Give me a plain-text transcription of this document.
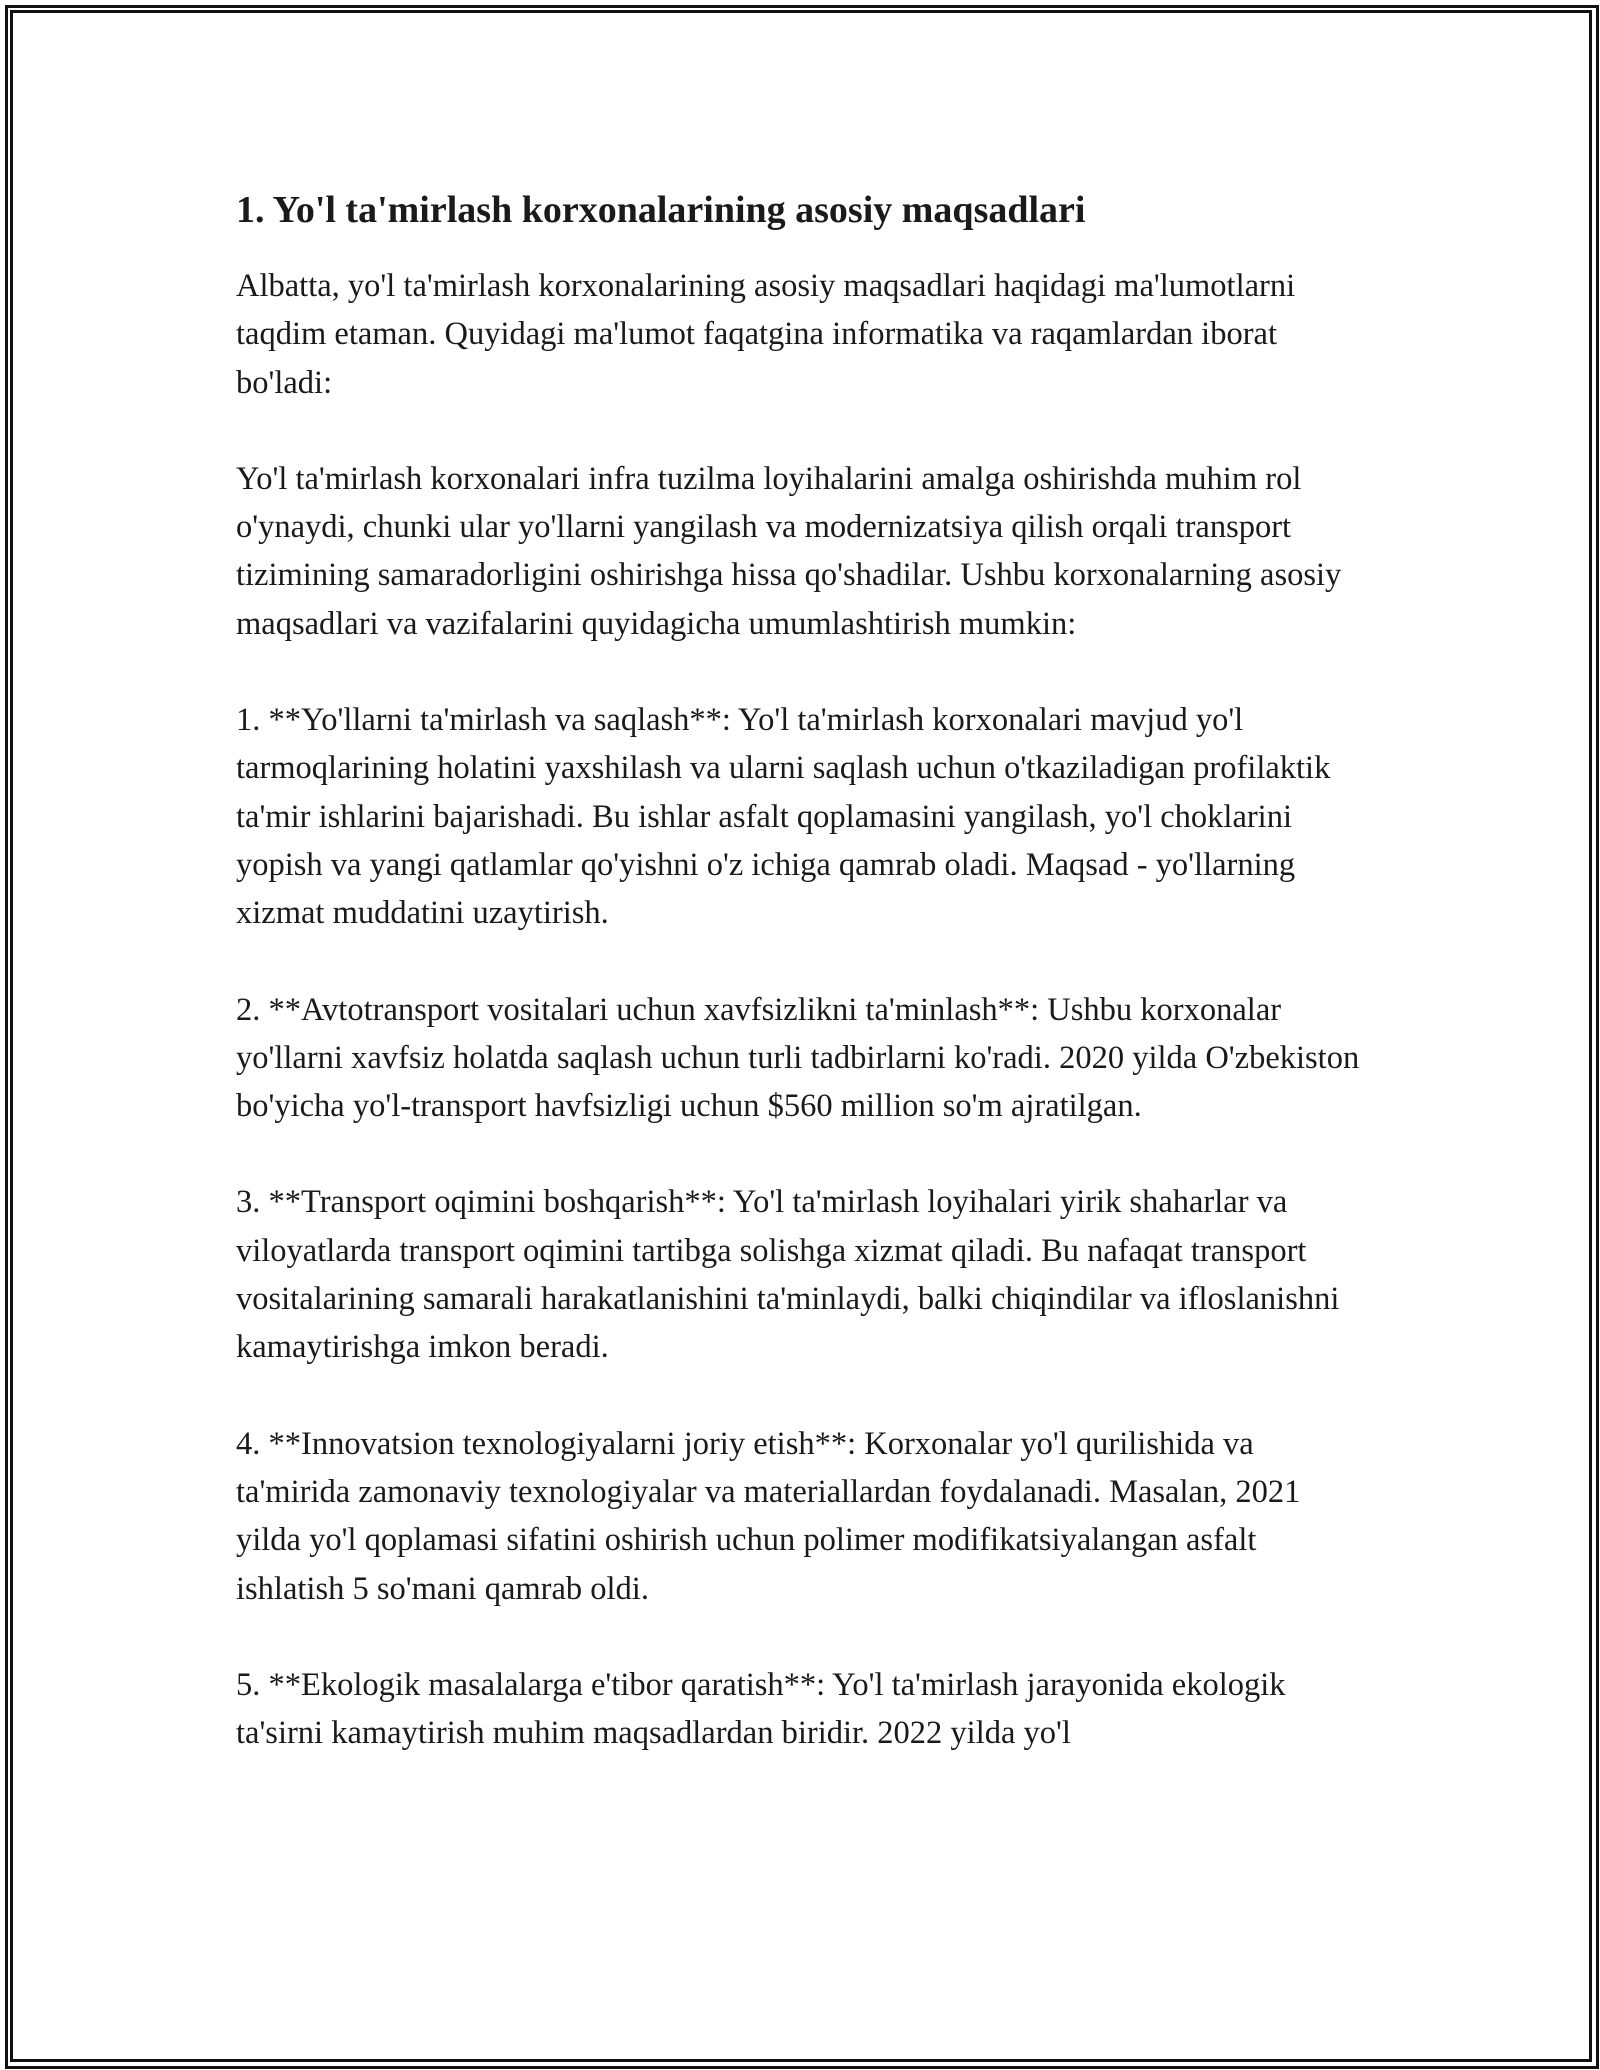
1. Yo'l ta'mirlash korxonalarining asosiy maqsadlari

Albatta, yo'l ta'mirlash korxonalarining asosiy maqsadlari haqidagi ma'lumotlarni taqdim etaman. Quyidagi ma'lumot faqatgina informatika va raqamlardan iborat bo'ladi:

Yo'l ta'mirlash korxonalari infra tuzilma loyihalarini amalga oshirishda muhim rol o'ynaydi, chunki ular yo'llarni yangilash va modernizatsiya qilish orqali transport tizimining samaradorligini oshirishga hissa qo'shadilar. Ushbu korxonalarning asosiy maqsadlari va vazifalarini quyidagicha umumlashtirish mumkin:

1. **Yo'llarni ta'mirlash va saqlash**: Yo'l ta'mirlash korxonalari mavjud yo'l tarmoqlarining holatini yaxshilash va ularni saqlash uchun o'tkaziladigan profilaktik ta'mir ishlarini bajarishadi. Bu ishlar asfalt qoplamasini yangilash, yo'l choklarini yopish va yangi qatlamlar qo'yishni o'z ichiga qamrab oladi. Maqsad - yo'llarning xizmat muddatini uzaytirish.

2. **Avtotransport vositalari uchun xavfsizlikni ta'minlash**: Ushbu korxonalar yo'llarni xavfsiz holatda saqlash uchun turli tadbirlarni ko'radi. 2020 yilda O'zbekiston bo'yicha yo'l-transport havfsizligi uchun $560 million so'm ajratilgan.

3. **Transport oqimini boshqarish**: Yo'l ta'mirlash loyihalari yirik shaharlar va viloyatlarda transport oqimini tartibga solishga xizmat qiladi. Bu nafaqat transport vositalarining samarali harakatlanishini ta'minlaydi, balki chiqindilar va ifloslanishni kamaytirishga imkon beradi.

4. **Innovatsion texnologiyalarni joriy etish**: Korxonalar yo'l qurilishida va ta'mirida zamonaviy texnologiyalar va materiallardan foydalanadi. Masalan, 2021 yilda yo'l qoplamasi sifatini oshirish uchun polimer modifikatsiyalangan asfalt ishlatish 5 so'mani qamrab oldi.

5. **Ekologik masalalarga e'tibor qaratish**: Yo'l ta'mirlash jarayonida ekologik ta'sirni kamaytirish muhim maqsadlardan biridir. 2022 yilda yo'l
